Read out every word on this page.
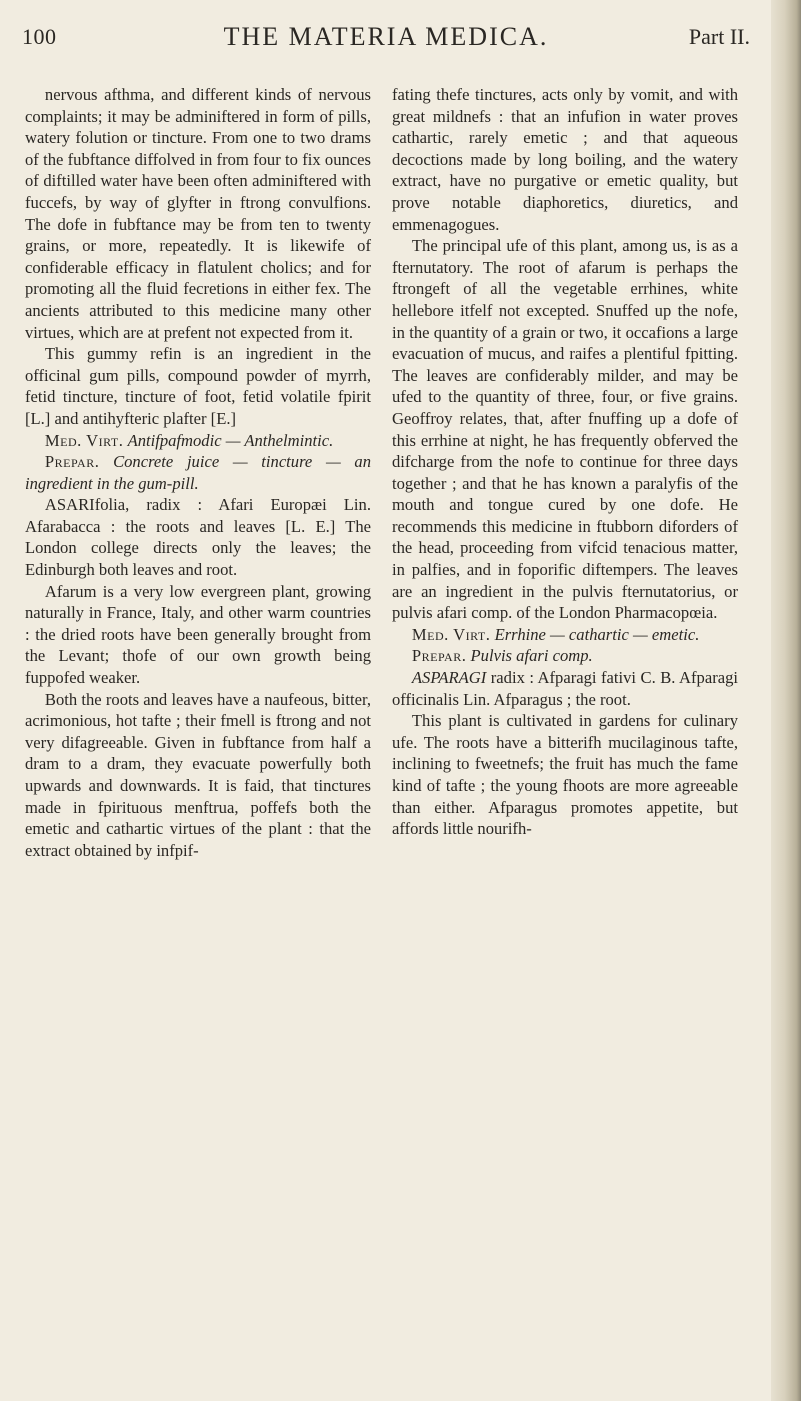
100	THE MATERIA MEDICA.	Part II.

nervous afthma, and different kinds of nervous complaints; it may be adminiftered in form of pills, watery folution or tincture. From one to two drams of the fubftance diffolved in from four to fix ounces of diftilled water have been often adminiftered with fuccefs, by way of glyfter in ftrong convulfions. The dofe in fubftance may be from ten to twenty grains, or more, repeatedly. It is likewife of confiderable efficacy in flatulent cholics; and for promoting all the fluid fecretions in either fex. The ancients attributed to this medicine many other virtues, which are at prefent not expected from it.

This gummy refin is an ingredient in the officinal gum pills, compound powder of myrrh, fetid tincture, tincture of foot, fetid volatile fpirit [L.] and antihyfteric plafter [E.]

Med. Virt. Antifpafmodic — Anthelmintic.

Prepar. Concrete juice — tincture — an ingredient in the gum-pill.

ASARIfolia, radix : Afari Europæi Lin. Afarabacca : the roots and leaves [L. E.] The London college directs only the leaves; the Edinburgh both leaves and root.

Afarum is a very low evergreen plant, growing naturally in France, Italy, and other warm countries : the dried roots have been generally brought from the Levant; thofe of our own growth being fuppofed weaker.

Both the roots and leaves have a naufeous, bitter, acrimonious, hot tafte ; their fmell is ftrong and not very difagreeable. Given in fubftance from half a dram to a dram, they evacuate powerfully both upwards and downwards. It is faid, that tinctures made in fpirituous menftrua, poffefs both the emetic and cathartic virtues of the plant : that the extract obtained by infpif-

fating thefe tinctures, acts only by vomit, and with great mildnefs : that an infufion in water proves cathartic, rarely emetic ; and that aqueous decoctions made by long boiling, and the watery extract, have no purgative or emetic quality, but prove notable diaphoretics, diuretics, and emmenagogues.

The principal ufe of this plant, among us, is as a fternutatory. The root of afarum is perhaps the ftrongeft of all the vegetable errhines, white hellebore itfelf not excepted. Snuffed up the nofe, in the quantity of a grain or two, it occafions a large evacuation of mucus, and raifes a plentiful fpitting. The leaves are confiderably milder, and may be ufed to the quantity of three, four, or five grains. Geoffroy relates, that, after fnuffing up a dofe of this errhine at night, he has frequently obferved the difcharge from the nofe to continue for three days together ; and that he has known a paralyfis of the mouth and tongue cured by one dofe. He recommends this medicine in ftubborn diforders of the head, proceeding from vifcid tenacious matter, in palfies, and in foporific diftempers. The leaves are an ingredient in the pulvis fternutatorius, or pulvis afari comp. of the London Pharmacopœia.

Med. Virt. Errhine — cathartic — emetic.

Prepar. Pulvis afari comp.

ASPARAGI radix : Afparagi fativi C. B. Afparagi officinalis Lin. Afparagus ; the root.

This plant is cultivated in gardens for culinary ufe. The roots have a bitterifh mucilaginous tafte, inclining to fweetnefs; the fruit has much the fame kind of tafte ; the young fhoots are more agreeable than either. Afparagus promotes appetite, but affords little nourifh-
